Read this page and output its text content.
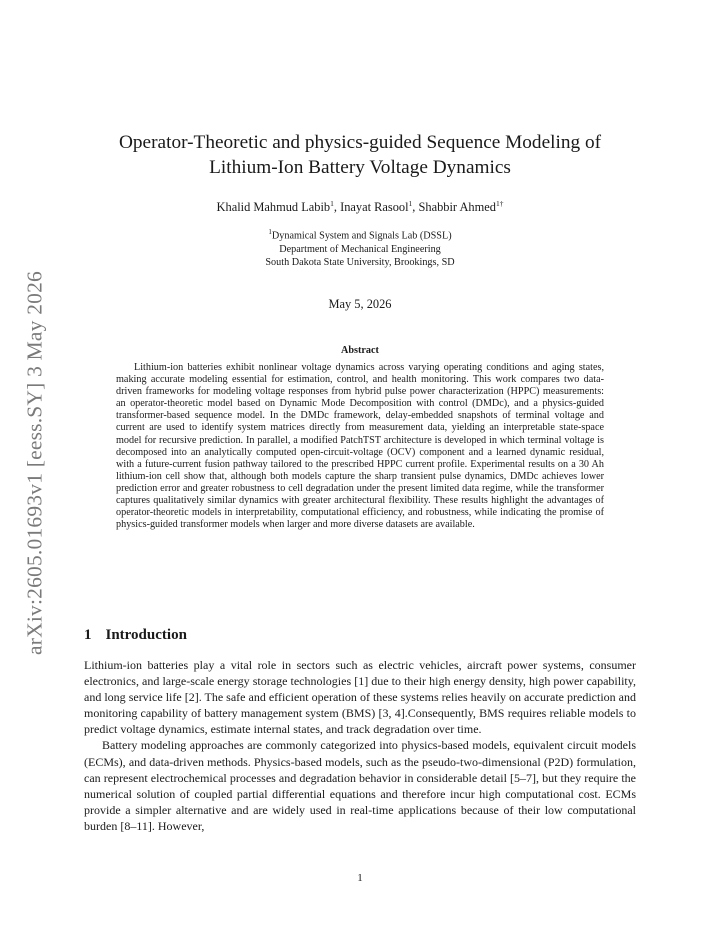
arXiv:2605.01693v1 [eess.SY] 3 May 2026
Operator-Theoretic and physics-guided Sequence Modeling of
Lithium-Ion Battery Voltage Dynamics
Khalid Mahmud Labib$^1$, Inayat Rasool$^1$, Shabbir Ahmed$^{1\dagger}$
$^1$Dynamical System and Signals Lab (DSSL)
Department of Mechanical Engineering
South Dakota State University, Brookings, SD
May 5, 2026
Abstract

Lithium-ion batteries exhibit nonlinear voltage dynamics across varying operating conditions and aging states, making accurate modeling essential for estimation, control, and health monitoring. This work compares two data-driven frameworks for modeling voltage responses from hybrid pulse power characterization (HPPC) measurements: an operator-theoretic model based on Dynamic Mode Decomposition with control (DMDc), and a physics-guided transformer-based sequence model. In the DMDc framework, delay-embedded snapshots of terminal voltage and current are used to identify system matrices directly from measurement data, yielding an interpretable state-space model for recursive prediction. In parallel, a modified PatchTST architecture is developed in which terminal voltage is decomposed into an analytically computed open-circuit-voltage (OCV) component and a learned dynamic residual, with a future-current fusion pathway tailored to the prescribed HPPC current profile. Experimental results on a 30 Ah lithium-ion cell show that, although both models capture the sharp transient pulse dynamics, DMDc achieves lower prediction error and greater robustness to cell degradation under the present limited data regime, while the transformer captures qualitatively similar dynamics with greater architectural flexibility. These results highlight the advantages of operator-theoretic models in interpretability, computational efficiency, and robustness, while indicating the promise of physics-guided transformer models when larger and more diverse datasets are available.

1 Introduction

Lithium-ion batteries play a vital role in sectors such as electric vehicles, aircraft power systems, consumer electronics, and large-scale energy storage technologies [1] due to their high energy density, high power capability, and long service life [2]. The safe and efficient operation of these systems relies heavily on accurate prediction and monitoring capability of battery management system (BMS) [3, 4].Consequently, BMS requires reliable models to predict voltage dynamics, estimate internal states, and track degradation over time.

Battery modeling approaches are commonly categorized into physics-based models, equivalent circuit models (ECMs), and data-driven methods. Physics-based models, such as the pseudo-two-dimensional (P2D) formulation, can represent electrochemical processes and degradation behavior in considerable detail [5–7], but they require the numerical solution of coupled partial differential equations and therefore incur high computational cost. ECMs provide a simpler alternative and are widely used in real-time applications because of their low computational burden [8–11]. However,

1
